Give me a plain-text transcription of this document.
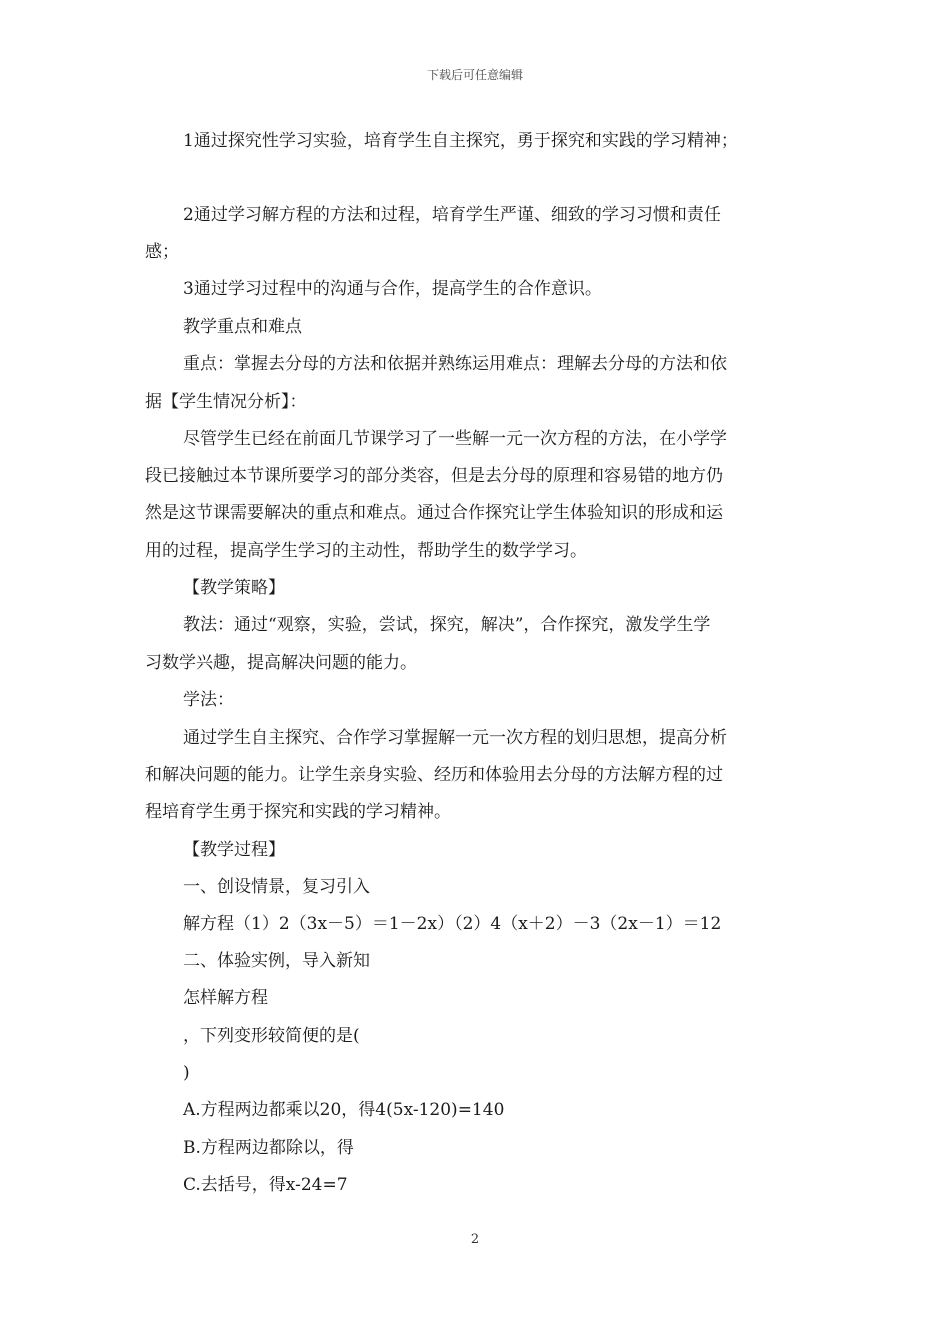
下载后可任意编辑
1通过探究性学习实验，培育学生自主探究，勇于探究和实践的学习精神；
2通过学习解方程的方法和过程，培育学生严谨、细致的学习习惯和责任
感；
3通过学习过程中的沟通与合作，提高学生的合作意识。
教学重点和难点
重点：掌握去分母的方法和依据并熟练运用难点：理解去分母的方法和依
据【学生情况分析】：
尽管学生已经在前面几节课学习了一些解一元一次方程的方法，在小学学
段已接触过本节课所要学习的部分类容，但是去分母的原理和容易错的地方仍
然是这节课需要解决的重点和难点。通过合作探究让学生体验知识的形成和运
用的过程，提高学生学习的主动性，帮助学生的数学学习。
【教学策略】
教法：通过“观察，实验，尝试，探究，解决”，合作探究，激发学生学
习数学兴趣，提高解决问题的能力。
学法：
通过学生自主探究、合作学习掌握解一元一次方程的划归思想，提高分析
和解决问题的能力。让学生亲身实验、经历和体验用去分母的方法解方程的过
程培育学生勇于探究和实践的学习精神。
【教学过程】
一、创设情景，复习引入
解方程（1）2（3x－5）＝1－2x）（2）4（x＋2）－3（2x－1）＝12
二、体验实例，导入新知
怎样解方程
，下列变形较简便的是(
)
A.方程两边都乘以20，得4(5x-120)=140
B.方程两边都除以，得
C.去括号，得x-24=7
2
